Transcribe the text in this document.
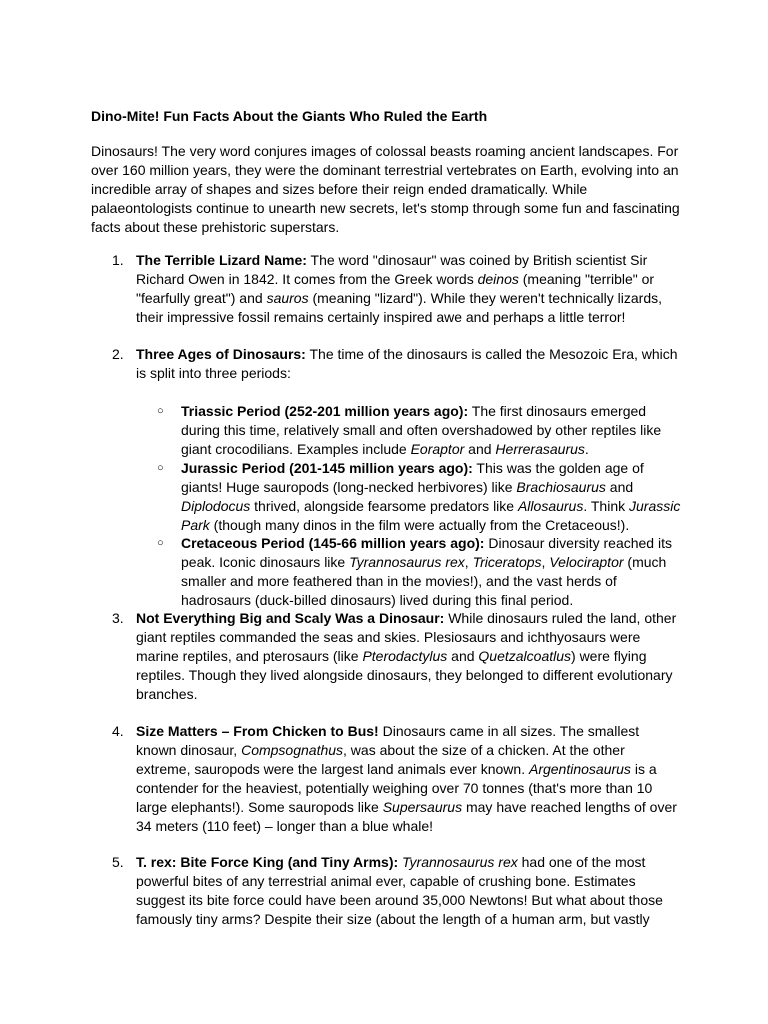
Dino-Mite! Fun Facts About the Giants Who Ruled the Earth
Dinosaurs! The very word conjures images of colossal beasts roaming ancient landscapes. For over 160 million years, they were the dominant terrestrial vertebrates on Earth, evolving into an incredible array of shapes and sizes before their reign ended dramatically. While palaeontologists continue to unearth new secrets, let's stomp through some fun and fascinating facts about these prehistoric superstars.
1. The Terrible Lizard Name: The word "dinosaur" was coined by British scientist Sir Richard Owen in 1842. It comes from the Greek words deinos (meaning "terrible" or "fearfully great") and sauros (meaning "lizard"). While they weren't technically lizards, their impressive fossil remains certainly inspired awe and perhaps a little terror!
2. Three Ages of Dinosaurs: The time of the dinosaurs is called the Mesozoic Era, which is split into three periods:
○ Triassic Period (252-201 million years ago): The first dinosaurs emerged during this time, relatively small and often overshadowed by other reptiles like giant crocodilians. Examples include Eoraptor and Herrerasaurus.
○ Jurassic Period (201-145 million years ago): This was the golden age of giants! Huge sauropods (long-necked herbivores) like Brachiosaurus and Diplodocus thrived, alongside fearsome predators like Allosaurus. Think Jurassic Park (though many dinos in the film were actually from the Cretaceous!).
○ Cretaceous Period (145-66 million years ago): Dinosaur diversity reached its peak. Iconic dinosaurs like Tyrannosaurus rex, Triceratops, Velociraptor (much smaller and more feathered than in the movies!), and the vast herds of hadrosaurs (duck-billed dinosaurs) lived during this final period.
3. Not Everything Big and Scaly Was a Dinosaur: While dinosaurs ruled the land, other giant reptiles commanded the seas and skies. Plesiosaurs and ichthyosaurs were marine reptiles, and pterosaurs (like Pterodactylus and Quetzalcoatlus) were flying reptiles. Though they lived alongside dinosaurs, they belonged to different evolutionary branches.
4. Size Matters – From Chicken to Bus! Dinosaurs came in all sizes. The smallest known dinosaur, Compsognathus, was about the size of a chicken. At the other extreme, sauropods were the largest land animals ever known. Argentinosaurus is a contender for the heaviest, potentially weighing over 70 tonnes (that's more than 10 large elephants!). Some sauropods like Supersaurus may have reached lengths of over 34 meters (110 feet) – longer than a blue whale!
5. T. rex: Bite Force King (and Tiny Arms): Tyrannosaurus rex had one of the most powerful bites of any terrestrial animal ever, capable of crushing bone. Estimates suggest its bite force could have been around 35,000 Newtons! But what about those famously tiny arms? Despite their size (about the length of a human arm, but vastly
